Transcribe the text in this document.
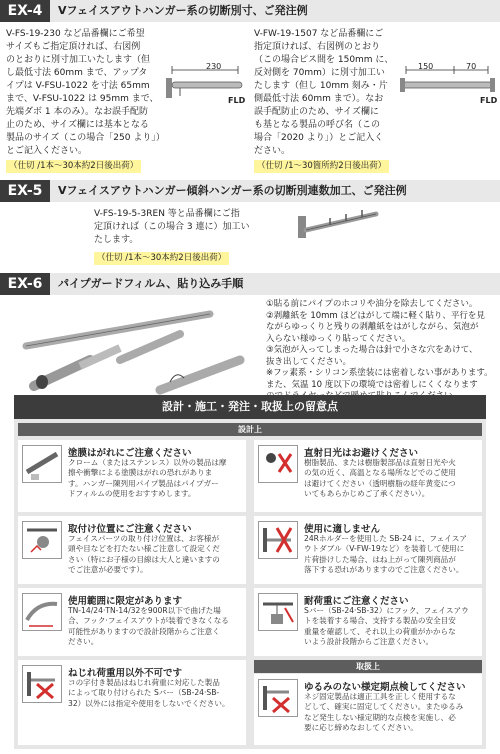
EX-4	Vフェイスアウトハンガー系の切断別寸、ご発注例
V-FS-19-230 など品番欄にご希望
サイズもご指定頂ければ、右図例
のとおりに別寸加工いたします（但
し最低寸法 60mm まで、アップタ
イプは V-FSU-1022 を寸法 65mm
まで、V-FSU-1022 は 95mm まで、
先端ダボ 1 本のみ）。なお誤手配防
止のため、サイズ欄には基本となる
製品のサイズ（この場合「250 より」）
とご記入ください。
（仕切 /1本～30本約2日後出荷）
230
FLD
V-FW-19-1507 など品番欄にご
指定頂ければ、右図例のとおり
（この場合ピス間を 150mm に、
反対側を 70mm）に別寸加工い
たします（但し 10mm 刻み・片
側最低寸法 60mm まで）。なお
誤手配防止のため、サイズ欄に
も基となる製品の呼び名（この
場合「2020 より」）とご記入く
ださい。
（仕切 /1～30箇所約2日後出荷）
150	70
FLD
EX-5	Vフェイスアウトハンガー傾斜ハンガー系の切断別連数加工、ご発注例
V-FS-19-5-3REN 等と品番欄にご指
定頂ければ（この場合 3 連に）加工い
たします。
（仕切 /1本～30本約2日後出荷）
EX-6	パイプガードフィルム、貼り込み手順
①貼る前にパイプのホコリや油分を除去してください。
②剥離紙を 10mm ほどはがして端に軽く貼り、平行を見
ながらゆっくりと残りの剥離紙をはがしながら、気泡が
入らない様ゆっくり貼ってください。
③気泡が入ってしまった場合は針で小さな穴をあけて、
抜き出してください。
※フッ素系・シリコン系塗装には密着しない事があります。
また、気温 10 度以下の環境では密着しにくくなります

設計・施工・発注・取扱上の留意点
設計上
取扱上
塗膜はがれにご注意ください
クローム（またはステンレス）以外の製品は摩
擦や衝撃による塗膜はがれの恐れがありま
す。ハンガー陳列用パイプ製品はパイプガー
ドフィルムの使用をおすすめします。
直射日光はお避けください
樹脂製品、または樹脂製部品は直射日光や火
の気の近く、高温となる場所などでのご使用
は避けてください（透明樹脂の経年黄変につ
いてもあらかじめご了承ください）。
取付け位置にご注意ください
フェイスパーツの取り付け位置は、お客様が
頭や目などを打たない様ご注意して設定くだ
さい（特にお子様の目線は大人と違いますの
でご注意が必要です）。
使用に適しません
24Rホルダーを使用した SB-24 に、フェイスア
ウトダブル（V-FW-19など）を装着して使用に
片荷掛けした場合、はね上がって陳列商品が
落下する恐れがありますのでご注意ください。
使用範囲に限定があります
TN-14/24·TN-14/32を900R以下で曲げた場
合、フック·フェイスアウトが装着できなくなる
可能性がありますので設計段階からご注意く
ださい。
耐荷重にご注意ください
Sバー（SB-24·SB-32）にフック、フェイスアウ
トを装着する場合、支持する製品の安全目安
重量を確認して、それ以上の荷重がかからな
いよう設計段階からご注意ください。
ねじれ荷重用以外不可です
コの字付き製品はねじれ荷重に対応した製品
によって取り付けられた Sバー（SB-24·SB-
32）以外には指定や使用をしないでください。
ゆるみのない様定期点検してください
ネジ固定製品は適正工具を正しく使用するな
どして、確実に固定してください。またゆるみ
など発生しない様定期的な点検を実施し、必
要に応じ締めなおしてください。
